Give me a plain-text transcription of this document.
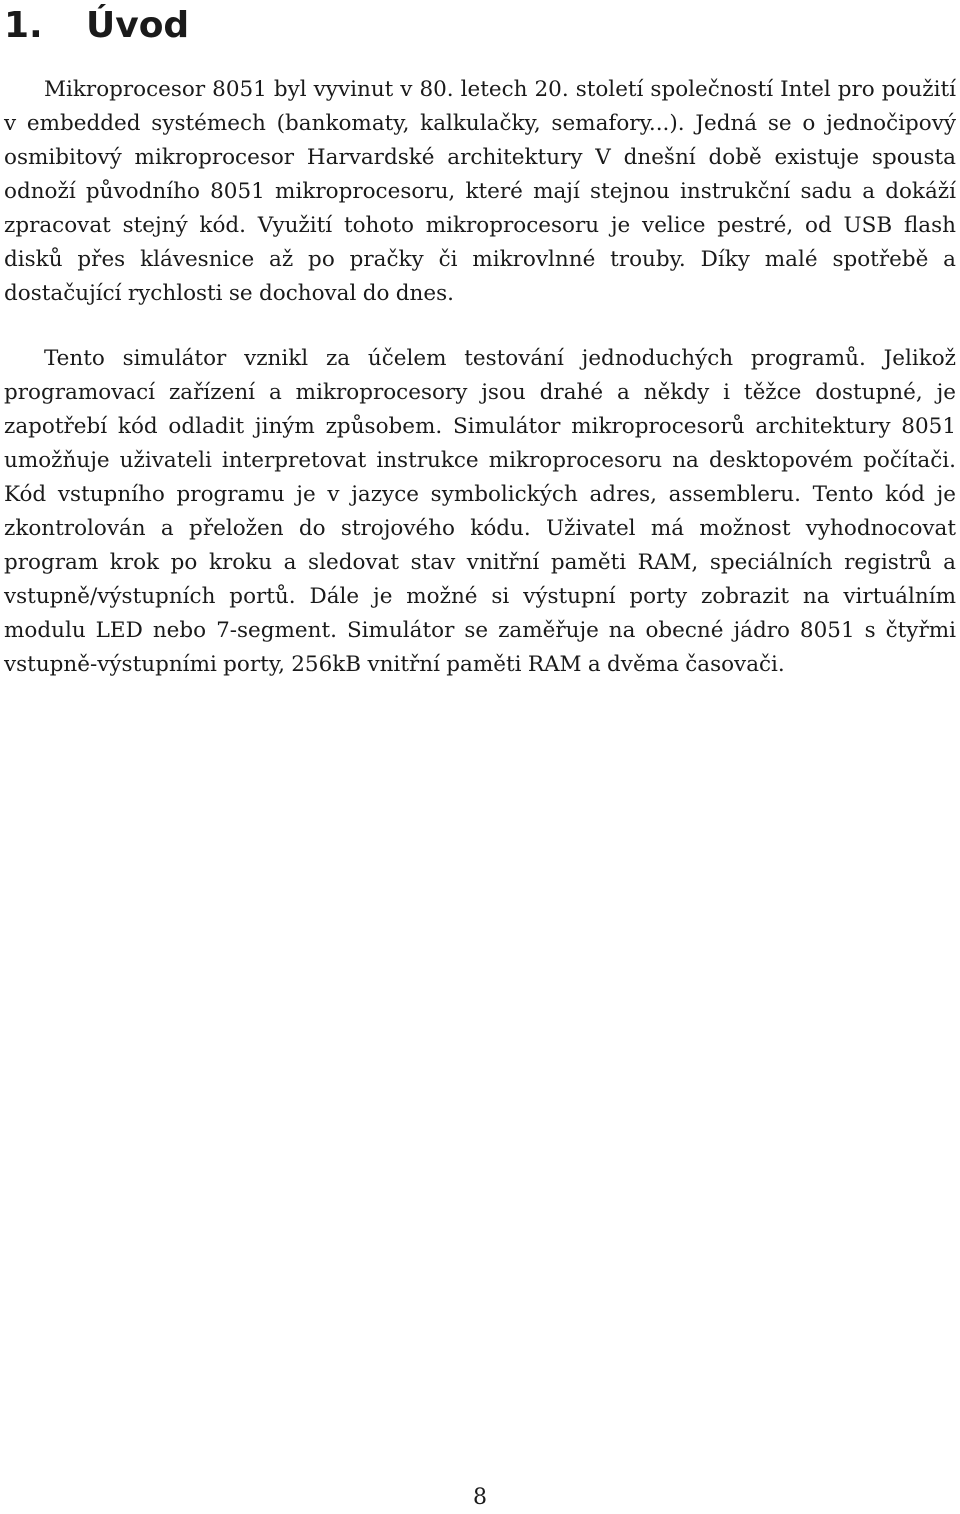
1. Úvod

Mikroprocesor 8051 byl vyvinut v 80. letech 20. století společností Intel pro použití v embedded systémech (bankomaty, kalkulačky, semafory...). Jedná se o jednočipový osmibitový mikroprocesor Harvardské architektury V dnešní době existuje spousta odnoží původního 8051 mikroprocesoru, které mají stejnou instrukční sadu a dokáží zpracovat stejný kód. Využití tohoto mikroprocesoru je velice pestré, od USB flash disků přes klávesnice až po pračky či mikrovlnné trouby. Díky malé spotřebě a dostačující rychlosti se dochoval do dnes.

Tento simulátor vznikl za účelem testování jednoduchých programů. Jelikož programovací zařízení a mikroprocesory jsou drahé a někdy i těžce dostupné, je zapotřebí kód odladit jiným způsobem. Simulátor mikroprocesorů architektury 8051 umožňuje uživateli interpretovat instrukce mikroprocesoru na desktopovém počítači. Kód vstupního programu je v jazyce symbolických adres, assembleru. Tento kód je zkontrolován a přeložen do strojového kódu. Uživatel má možnost vyhodnocovat program krok po kroku a sledovat stav vnitřní paměti RAM, speciálních registrů a vstupně/výstupních portů. Dále je možné si výstupní porty zobrazit na virtuálním modulu LED nebo 7-segment. Simulátor se zaměřuje na obecné jádro 8051 s čtyřmi vstupně-výstupními porty, 256kB vnitřní paměti RAM a dvěma časovači.

8
